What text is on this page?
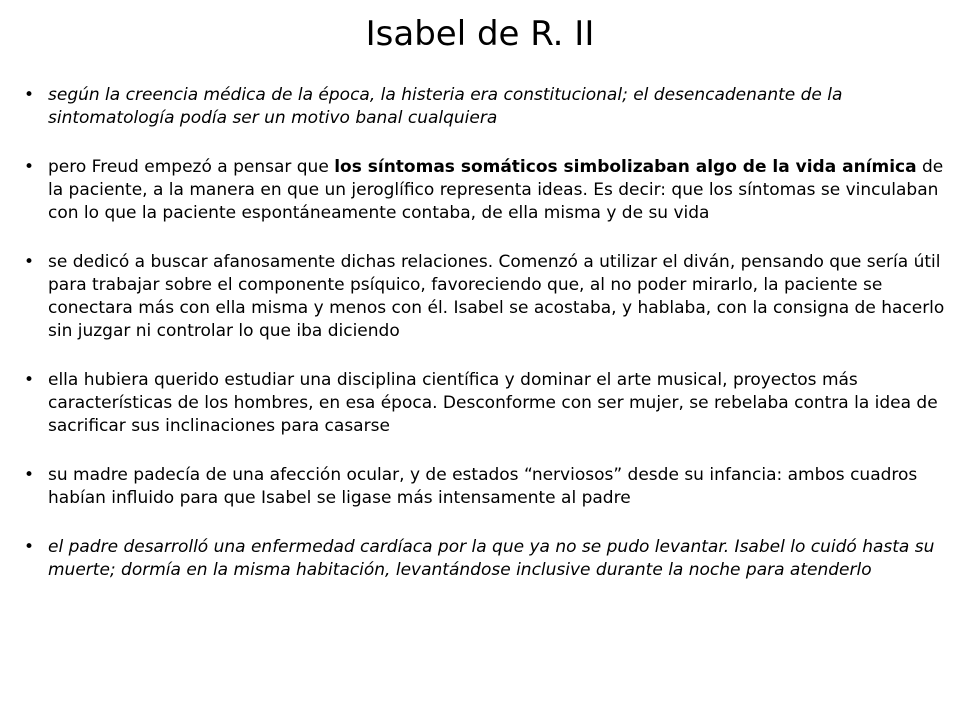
Isabel de R. II
• según la creencia médica de la época, la histeria era constitucional; el desencadenante de la sintomatología podía ser un motivo banal cualquiera
• pero Freud empezó a pensar que los síntomas somáticos simbolizaban algo de la vida anímica de la paciente, a la manera en que un jeroglífico representa ideas. Es decir: que los síntomas se vinculaban con lo que la paciente espontáneamente contaba, de ella misma y de su vida
• se dedicó a buscar afanosamente dichas relaciones. Comenzó a utilizar el diván, pensando que sería útil para trabajar sobre el componente psíquico, favoreciendo que, al no poder mirarlo, la paciente se conectara más con ella misma y menos con él. Isabel se acostaba, y hablaba, con la consigna de hacerlo sin juzgar ni controlar lo que iba diciendo
• ella hubiera querido estudiar una disciplina científica y dominar el arte musical, proyectos más características de los hombres, en esa época. Desconforme con ser mujer, se rebelaba contra la idea de sacrificar sus inclinaciones para casarse
• su madre padecía de una afección ocular, y de estados “nerviosos” desde su infancia: ambos cuadros habían influido para que Isabel se ligase más intensamente al padre
• el padre desarrolló una enfermedad cardíaca por la que ya no se pudo levantar. Isabel lo cuidó hasta su muerte; dormía en la misma habitación, levantándose inclusive durante la noche para atenderlo
